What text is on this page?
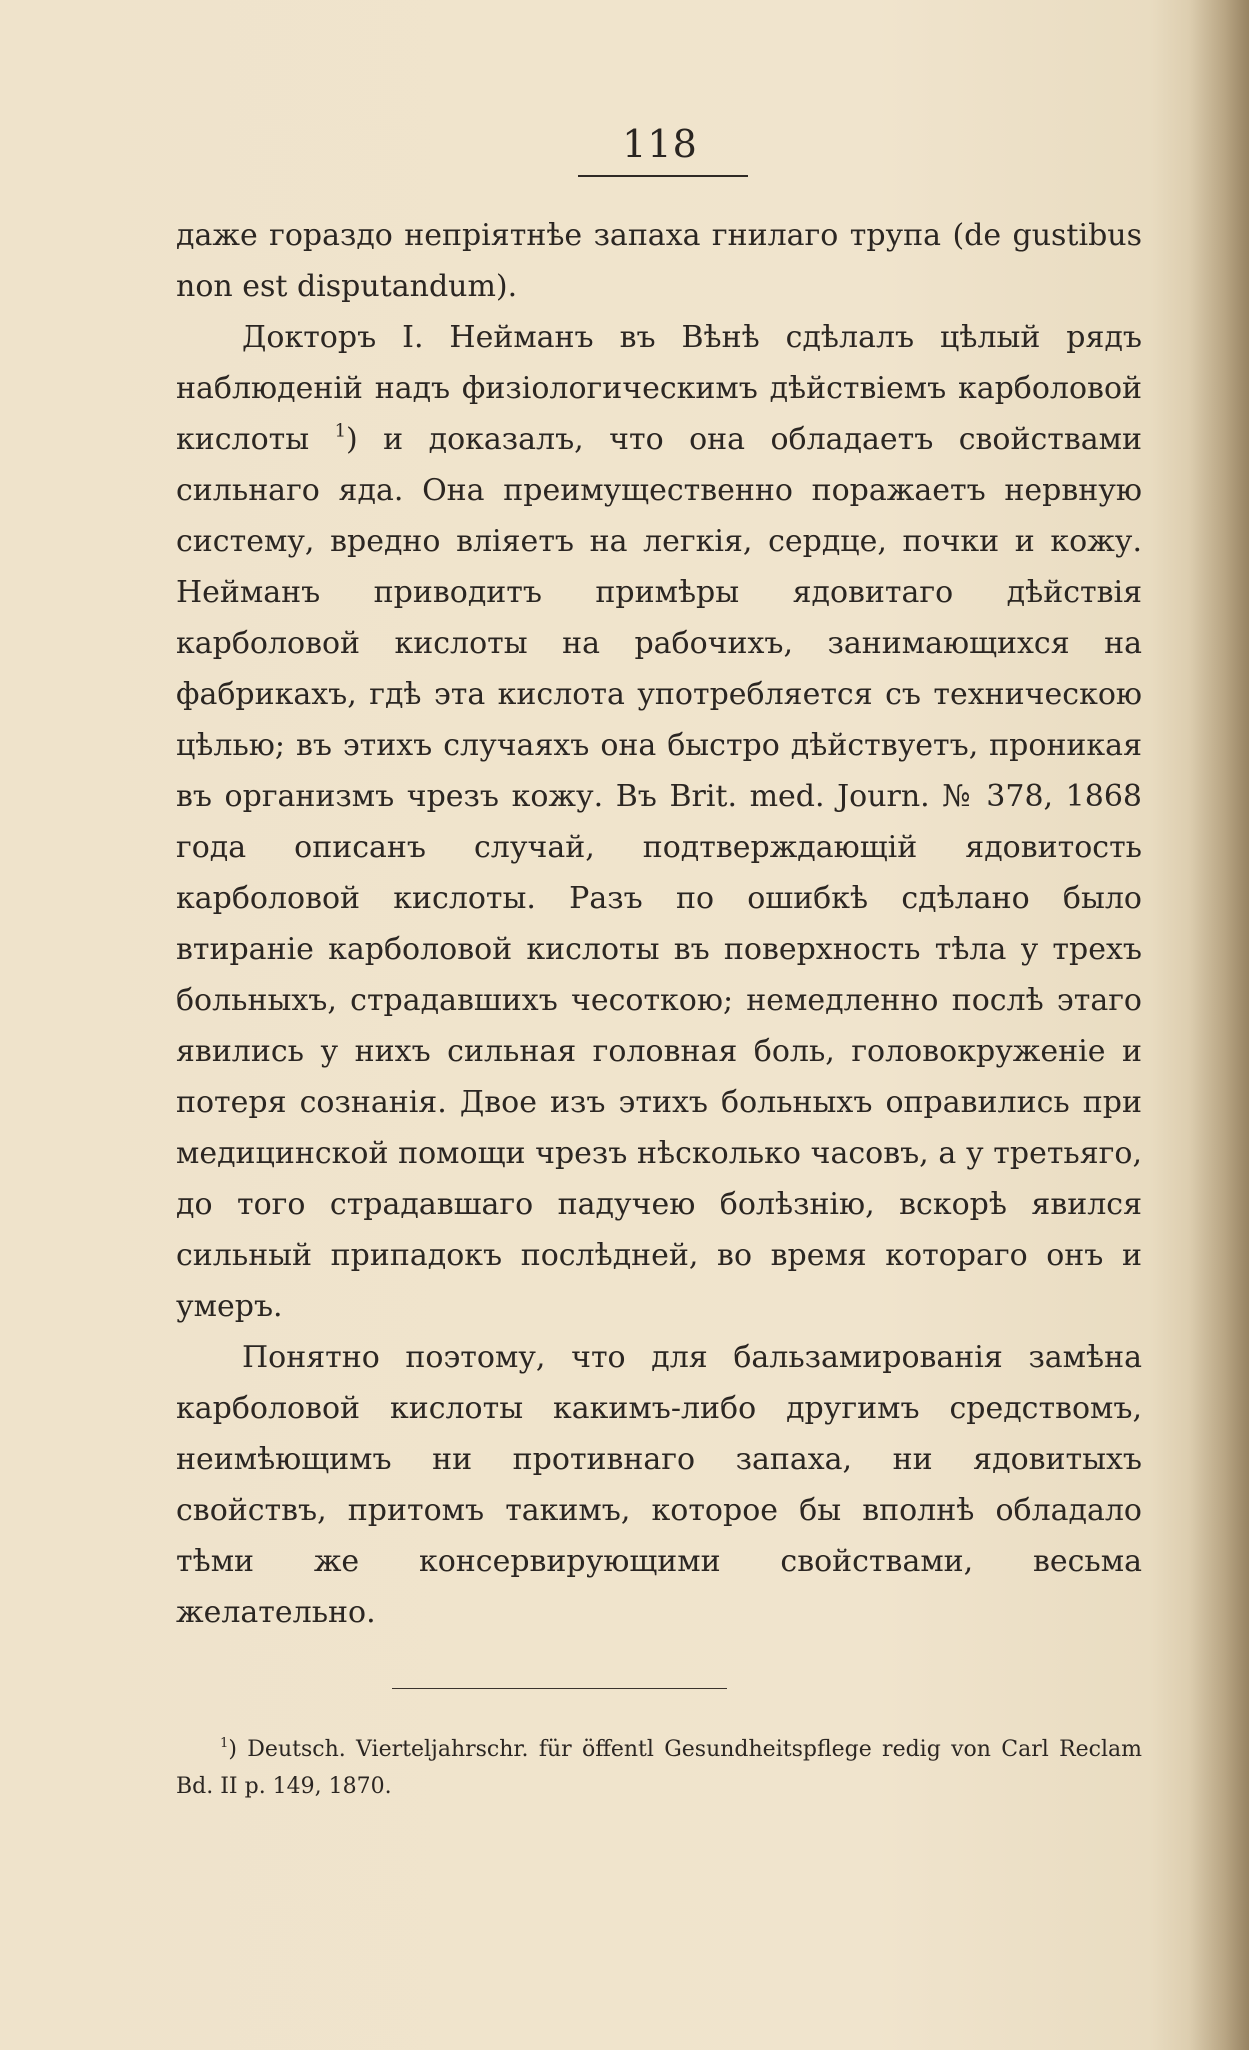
118

даже гораздо непріятнѣе запаха гнилаго трупа (de gustibus non est disputandum).

Докторъ I. Нейманъ въ Вѣнѣ сдѣлалъ цѣлый рядъ наблюденій надъ физiологическимъ дѣйствіемъ карболовой кислоты $^1$) и доказалъ, что она обладаетъ свойствами сильнаго яда. Она преимущественно поражаетъ нервную систему, вредно вліяетъ на легкія, сердце, почки и кожу. Нейманъ приводитъ примѣры ядовитаго дѣйствія карболовой кислоты на рабочихъ, занимающихся на фабрикахъ, гдѣ эта кислота употребляется съ техническою цѣлью; въ этихъ случаяхъ она быстро дѣйствуетъ, проникая въ организмъ чрезъ кожу. Въ Brit. med. Journ. № 378, 1868 года описанъ случай, подтверждающій ядовитость карболовой кислоты. Разъ по ошибкѣ сдѣлано было втираніе карболовой кислоты въ поверхность тѣла у трехъ больныхъ, страдавшихъ чесоткою; немедленно послѣ этаго явились у нихъ сильная головная боль, головокруженіе и потеря сознанія. Двое изъ этихъ больныхъ оправились при медицинской помощи чрезъ нѣсколько часовъ, а у третьяго, до того страдавшаго падучею болѣзнію, вскорѣ явился сильный припадокъ послѣдней, во время котораго онъ и умеръ.

Понятно поэтому, что для бальзамированія замѣна карболовой кислоты какимъ-либо другимъ средствомъ, неимѣющимъ ни противнаго запаха, ни ядовитыхъ свойствъ, притомъ такимъ, которое бы вполнѣ обладало тѣми же консервирующими свойствами, весьма желательно.

$^1$) Deutsch. Vierteljahrschr. für öffentl Gesundheitspflege redig von Carl Reclam Bd. II p. 149, 1870.
